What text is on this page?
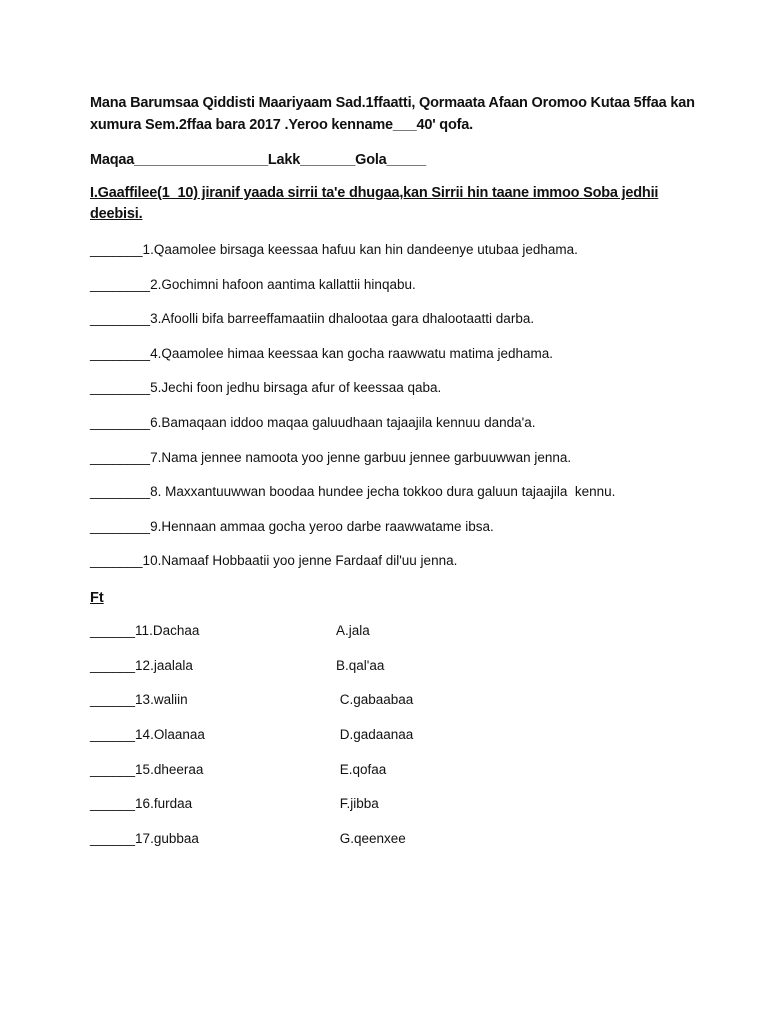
Mana Barumsaa Qiddisti Maariyaam Sad.1ffaatti, Qormaata Afaan Oromoo Kutaa 5ffaa kan xumura Sem.2ffaa bara 2017 .Yeroo kenname___40' qofa.
Maqaa_________________Lakk_______Gola_____
I.Gaaffilee(1_10) jiranif yaada sirrii ta'e dhugaa,kan Sirrii hin taane immoo Soba jedhii deebisi.
_______1.Qaamolee birsaga keessaa hafuu kan hin dandeenye utubaa jedhama.
________2.Gochimni hafoon aantima kallattii hinqabu.
________3.Afoolli bifa barreeffamaatiin dhalootaa gara dhalootaatti darba.
________4.Qaamolee himaa keessaa kan gocha raawwatu matima jedhama.
________5.Jechi foon jedhu birsaga afur of keessaa qaba.
________6.Bamaqaan iddoo maqaa galuudhaan tajaajila kennuu danda'a.
________7.Nama jennee namoota yoo jenne garbuu jennee garbuuwwan jenna.
________8. Maxxantuuwwan boodaa hundee jecha tokkoo dura galuun tajaajila  kennu.
________9.Hennaan ammaa gocha yeroo darbe raawwatame ibsa.
_______10.Namaaf Hobbaatii yoo jenne Fardaaf dil'uu jenna.
Ft
______11.Dachaa
______12.jaalala
______13.waliin
______14.Olaanaa
______15.dheeraa
______16.furdaa
______17.gubbaa
A.jala
B.qal'aa
C.gabaabaa
D.gadaanaa
E.qofaa
F.jibba
G.qeenxee
